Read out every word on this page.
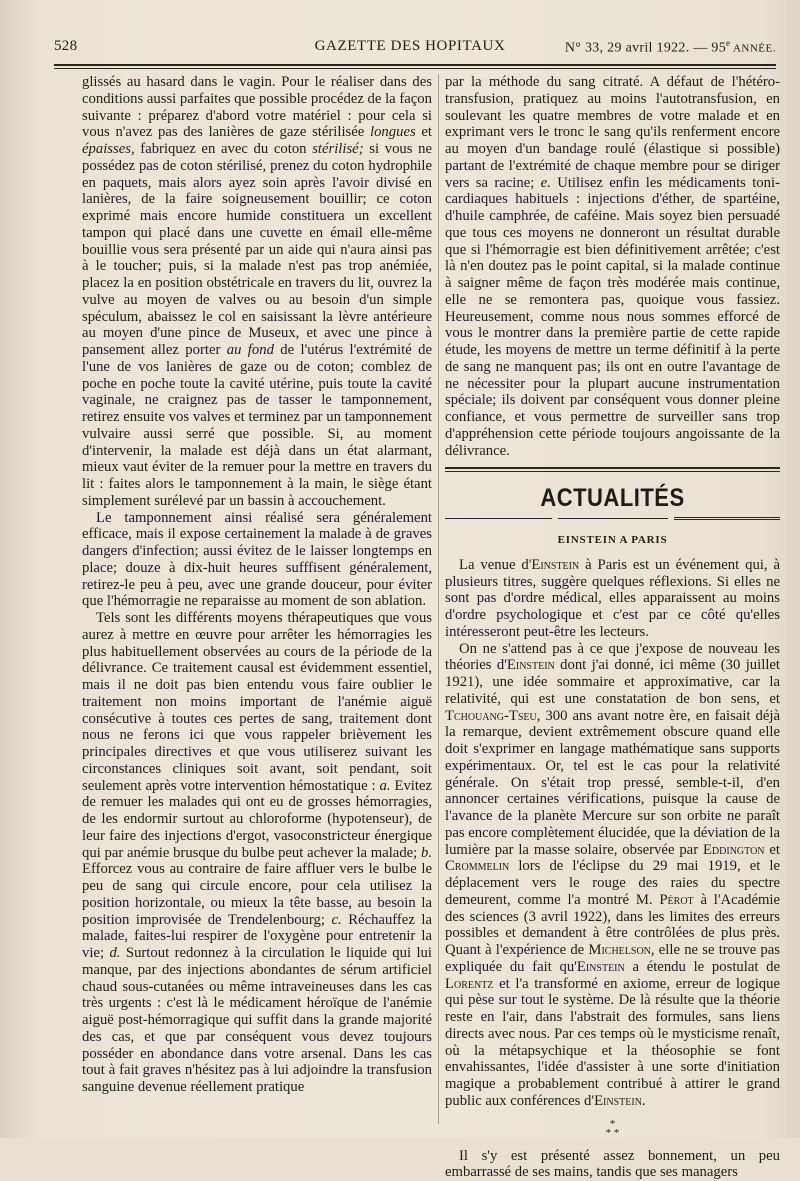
528	GAZETTE DES HOPITAUX	N° 33, 29 avril 1922. — 95e ANNÉE.

glissés au hasard dans le vagin. Pour le réaliser dans des conditions aussi parfaites que possible procédez de la façon suivante : préparez d'abord votre matériel : pour cela si vous n'avez pas des lanières de gaze stérilisée longues et épaisses, fabriquez en avec du coton stérilisé; si vous ne possédez pas de coton stérilisé, prenez du coton hydrophile en paquets, mais alors ayez soin après l'avoir divisé en lanières, de la faire soigneusement bouillir; ce coton exprimé mais encore humide constituera un excellent tampon qui placé dans une cuvette en émail elle-même bouillie vous sera présenté par un aide qui n'aura ainsi pas à le toucher; puis, si la malade n'est pas trop anémiée, placez la en position obstétricale en travers du lit, ouvrez la vulve au moyen de valves ou au besoin d'un simple spéculum, abaissez le col en saisissant la lèvre antérieure au moyen d'une pince de Museux, et avec une pince à pansement allez porter au fond de l'utérus l'extrémité de l'une de vos lanières de gaze ou de coton; comblez de poche en poche toute la cavité utérine, puis toute la cavité vaginale, ne craignez pas de tasser le tamponnement, retirez ensuite vos valves et terminez par un tamponnement vulvaire aussi serré que possible. Si, au moment d'intervenir, la malade est déjà dans un état alarmant, mieux vaut éviter de la remuer pour la mettre en travers du lit : faites alors le tamponnement à la main, le siège étant simplement surélevé par un bassin à accouchement.

Le tamponnement ainsi réalisé sera généralement efficace, mais il expose certainement la malade à de graves dangers d'infection; aussi évitez de le laisser longtemps en place; douze à dix-huit heures sufffisent généralement, retirez-le peu à peu, avec une grande douceur, pour éviter que l'hémorragie ne reparaisse au moment de son ablation.

Tels sont les différents moyens thérapeutiques que vous aurez à mettre en œuvre pour arrêter les hémorragies les plus habituellement observées au cours de la période de la délivrance. Ce traitement causal est évidemment essentiel, mais il ne doit pas bien entendu vous faire oublier le traitement non moins important de l'anémie aiguë consécutive à toutes ces pertes de sang, traitement dont nous ne ferons ici que vous rappeler brièvement les principales directives et que vous utiliserez suivant les circonstances cliniques soit avant, soit pendant, soit seulement après votre intervention hémostatique : a. Evitez de remuer les malades qui ont eu de grosses hémorragies, de les endormir surtout au chloroforme (hypotenseur), de leur faire des injections d'ergot, vasoconstricteur énergique qui par anémie brusque du bulbe peut achever la malade; b. Efforcez vous au contraire de faire affluer vers le bulbe le peu de sang qui circule encore, pour cela utilisez la position horizontale, ou mieux la tête basse, au besoin la position improvisée de Trendelenbourg; c. Réchauffez la malade, faites-lui respirer de l'oxygène pour entretenir la vie; d. Surtout redonnez à la circulation le liquide qui lui manque, par des injections abondantes de sérum artificiel chaud sous-cutanées ou même intraveineuses dans les cas très urgents : c'est là le médicament héroïque de l'anémie aiguë post-hémorragique qui suffit dans la grande majorité des cas, et que par conséquent vous devez toujours posséder en abondance dans votre arsenal. Dans les cas tout à fait graves n'hésitez pas à lui adjoindre la transfusion sanguine devenue réellement pratique

par la méthode du sang citraté. A défaut de l'hétéro-transfusion, pratiquez au moins l'autotransfusion, en soulevant les quatre membres de votre malade et en exprimant vers le tronc le sang qu'ils renferment encore au moyen d'un bandage roulé (élastique si possible) partant de l'extrémité de chaque membre pour se diriger vers sa racine; e. Utilisez enfin les médicaments toni-cardiaques habituels : injections d'éther, de spartéine, d'huile camphrée, de caféine. Mais soyez bien persuadé que tous ces moyens ne donneront un résultat durable que si l'hémorragie est bien définitivement arrêtée; c'est là n'en doutez pas le point capital, si la malade continue à saigner même de façon très modérée mais continue, elle ne se remontera pas, quoique vous fassiez. Heureusement, comme nous nous sommes efforcé de vous le montrer dans la première partie de cette rapide étude, les moyens de mettre un terme définitif à la perte de sang ne manquent pas; ils ont en outre l'avantage de ne nécessiter pour la plupart aucune instrumentation spéciale; ils doivent par conséquent vous donner pleine confiance, et vous permettre de surveiller sans trop d'appréhension cette période toujours angoissante de la délivrance.

ACTUALITÉS
EINSTEIN A PARIS

La venue d'Einstein à Paris est un événement qui, à plusieurs titres, suggère quelques réflexions. Si elles ne sont pas d'ordre médical, elles apparaissent au moins d'ordre psychologique et c'est par ce côté qu'elles intéresseront peut-être les lecteurs.

On ne s'attend pas à ce que j'expose de nouveau les théories d'Einstein dont j'ai donné, ici même (30 juillet 1921), une idée sommaire et approximative, car la relativité, qui est une constatation de bon sens, et Tchouang-Tseu, 300 ans avant notre ère, en faisait déjà la remarque, devient extrêmement obscure quand elle doit s'exprimer en langage mathématique sans supports expérimentaux. Or, tel est le cas pour la relativité générale. On s'était trop pressé, semble-t-il, d'en annoncer certaines vérifications, puisque la cause de l'avance de la planète Mercure sur son orbite ne paraît pas encore complètement élucidée, que la déviation de la lumière par la masse solaire, observée par Eddington et Crommelin lors de l'éclipse du 29 mai 1919, et le déplacement vers le rouge des raies du spectre demeurent, comme l'a montré M. Pérot à l'Académie des sciences (3 avril 1922), dans les limites des erreurs possibles et demandent à être contrôlées de plus près. Quant à l'expérience de Michelson, elle ne se trouve pas expliquée du fait qu'Einstein a étendu le postulat de Lorentz et l'a transformé en axiome, erreur de logique qui pèse sur tout le système. De là résulte que la théorie reste en l'air, dans l'abstrait des formules, sans liens directs avec nous. Par ces temps où le mysticisme renaît, où la métapsychique et la théosophie se font envahissantes, l'idée d'assister à une sorte d'initiation magique a probablement contribué à attirer le grand public aux conférences d'Einstein.

*
* *

Il s'y est présenté assez bonnement, un peu embarrassé de ses mains, tandis que ses managers
